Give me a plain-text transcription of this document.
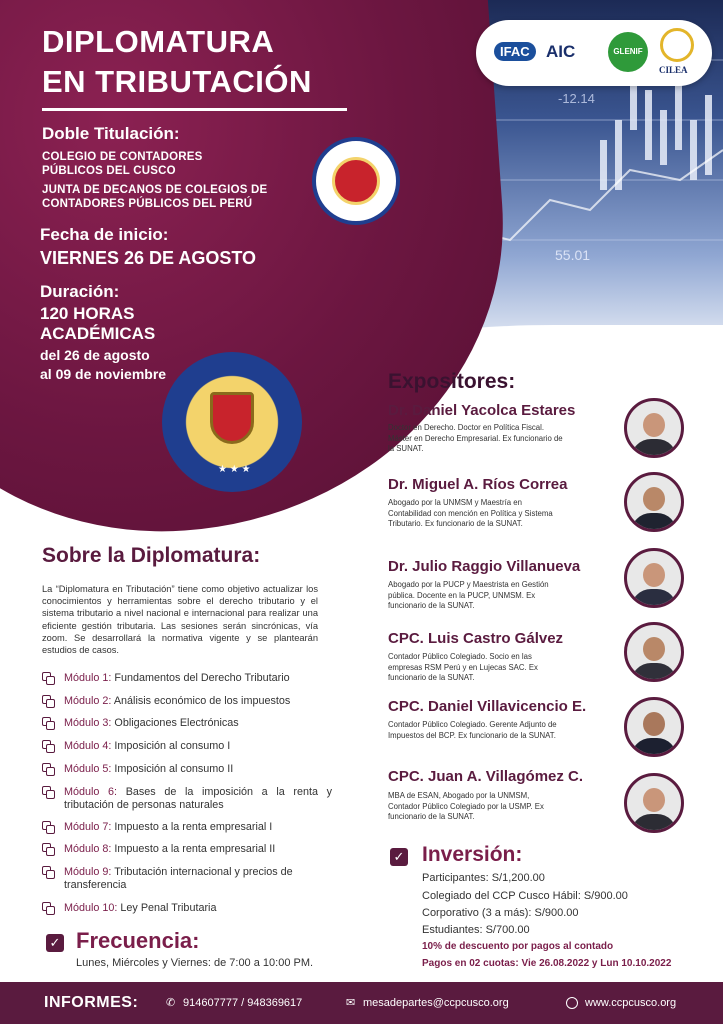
-12.14
55.01
DIPLOMATURA
EN TRIBUTACIÓN
Doble Titulación:
COLEGIO DE CONTADORES
PÚBLICOS DEL CUSCO
JUNTA DE DECANOS DE COLEGIOS DE
CONTADORES PÚBLICOS DEL PERÚ
Fecha de inicio:
VIERNES 26 DE AGOSTO
Duración:
120 HORAS
ACADÉMICAS
del 26 de agosto
al 09 de noviembre
★ ★ ★
IFAC AIC	GLENIF
CILEA
Sobre la Diplomatura:
La “Diplomatura en Tributación” tiene como objetivo actualizar los conocimientos y herramientas sobre el derecho tributario y el sistema tributario a nivel nacional e internacional para realizar una eficiente gestión tributaria. Las sesiones serán sincrónicas, vía zoom. Se desarrollará la normativa vigente y se plantearán estudios de casos.
Módulo 1: Fundamentos del Derecho Tributario
Módulo 2: Análisis económico de los impuestos
Módulo 3: Obligaciones Electrónicas
Módulo 4: Imposición al consumo I
Módulo 5: Imposición al consumo II
Módulo 6: Bases de la imposición a la renta y tributación de personas naturales
Módulo 7: Impuesto a la renta empresarial I
Módulo 8: Impuesto a la renta empresarial II
Módulo 9: Tributación internacional y precios de transferencia
Módulo 10: Ley Penal Tributaria
✓ Frecuencia:
Lunes, Miércoles y Viernes: de 7:00 a 10:00 PM.
Expositores:
Dr. Daniel Yacolca Estares
Doctor en Derecho. Doctor en Política Fiscal. Máster en Derecho Empresarial. Ex funcionario de la SUNAT.
Dr. Miguel A. Ríos Correa
Abogado por la UNMSM y Maestría en Contabilidad con mención en Política y Sistema Tributario. Ex funcionario de la SUNAT.
Dr. Julio Raggio Villanueva
Abogado por la PUCP y Maestrista en Gestión pública. Docente en la PUCP, UNMSM. Ex funcionario de la SUNAT.
CPC. Luis Castro Gálvez
Contador Público Colegiado. Socio en las empresas RSM Perú y en Lujecas SAC. Ex funcionario de la SUNAT.
CPC. Daniel Villavicencio E.
Contador Público Colegiado. Gerente Adjunto de Impuestos del BCP. Ex funcionario de la SUNAT.
CPC. Juan A. Villagómez C.
MBA de ESAN, Abogado por la UNMSM, Contador Público Colegiado por la USMP. Ex funcionario de la SUNAT.
✓ Inversión:
Participantes: S/1,200.00
Colegiado del CCP Cusco Hábil: S/900.00
Corporativo (3 a más): S/900.00
Estudiantes: S/700.00
10% de descuento por pagos al contado
Pagos en 02 cuotas: Vie 26.08.2022 y Lun 10.10.2022
INFORMES:	✆ 914607777 / 948369617	✉ mesadepartes@ccpcusco.org	www.ccpcusco.org
